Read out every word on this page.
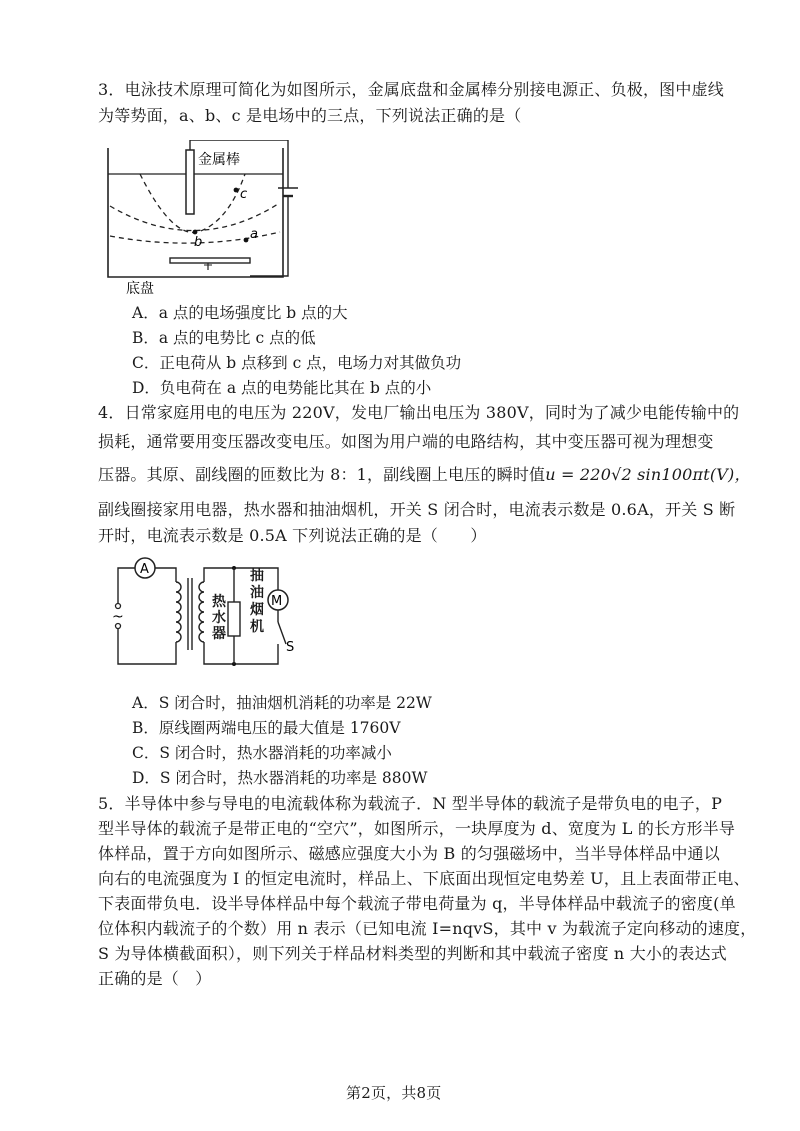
3．电泳技术原理可简化为如图所示，金属底盘和金属棒分别接电源正、负极，图中虚线
为等势面，a、b、c 是电场中的三点，下列说法正确的是（
c
b
a
金属棒
底盘
A．a 点的电场强度比 b 点的大
B．a 点的电势比 c 点的低
C．正电荷从 b 点移到 c 点，电场力对其做负功
D．负电荷在 a 点的电势能比其在 b 点的小
4．日常家庭用电的电压为 220V，发电厂输出电压为 380V，同时为了减少电能传输中的
损耗，通常要用变压器改变电压。如图为用户端的电路结构，其中变压器可视为理想变
压器。其原、副线圈的匝数比为 8：1，副线圈上电压的瞬时值u = 220√2 sin100πt(V)，
副线圈接家用电器，热水器和抽油烟机，开关 S 闭合时，电流表示数是 0.6A，开关 S 断
开时，电流表示数是 0.5A 下列说法正确的是（　　）
A
~
M
S
热水器
抽油烟机
A．S 闭合时，抽油烟机消耗的功率是 22W
B．原线圈两端电压的最大值是 1760V
C．S 闭合时，热水器消耗的功率减小
D．S 闭合时，热水器消耗的功率是 880W
5．半导体中参与导电的电流载体称为载流子．N 型半导体的载流子是带负电的电子，P
型半导体的载流子是带正电的“空穴”，如图所示，一块厚度为 d、宽度为 L 的长方形半导
体样品，置于方向如图所示、磁感应强度大小为 B 的匀强磁场中，当半导体样品中通以
向右的电流强度为 I 的恒定电流时，样品上、下底面出现恒定电势差 U，且上表面带正电、
下表面带负电．设半导体样品中每个载流子带电荷量为 q，半导体样品中载流子的密度(单
位体积内载流子的个数）用 n 表示（已知电流 I=nqvS，其中 v 为载流子定向移动的速度，
S 为导体横截面积），则下列关于样品材料类型的判断和其中载流子密度 n 大小的表达式
正确的是（　）
第2页，共8页
